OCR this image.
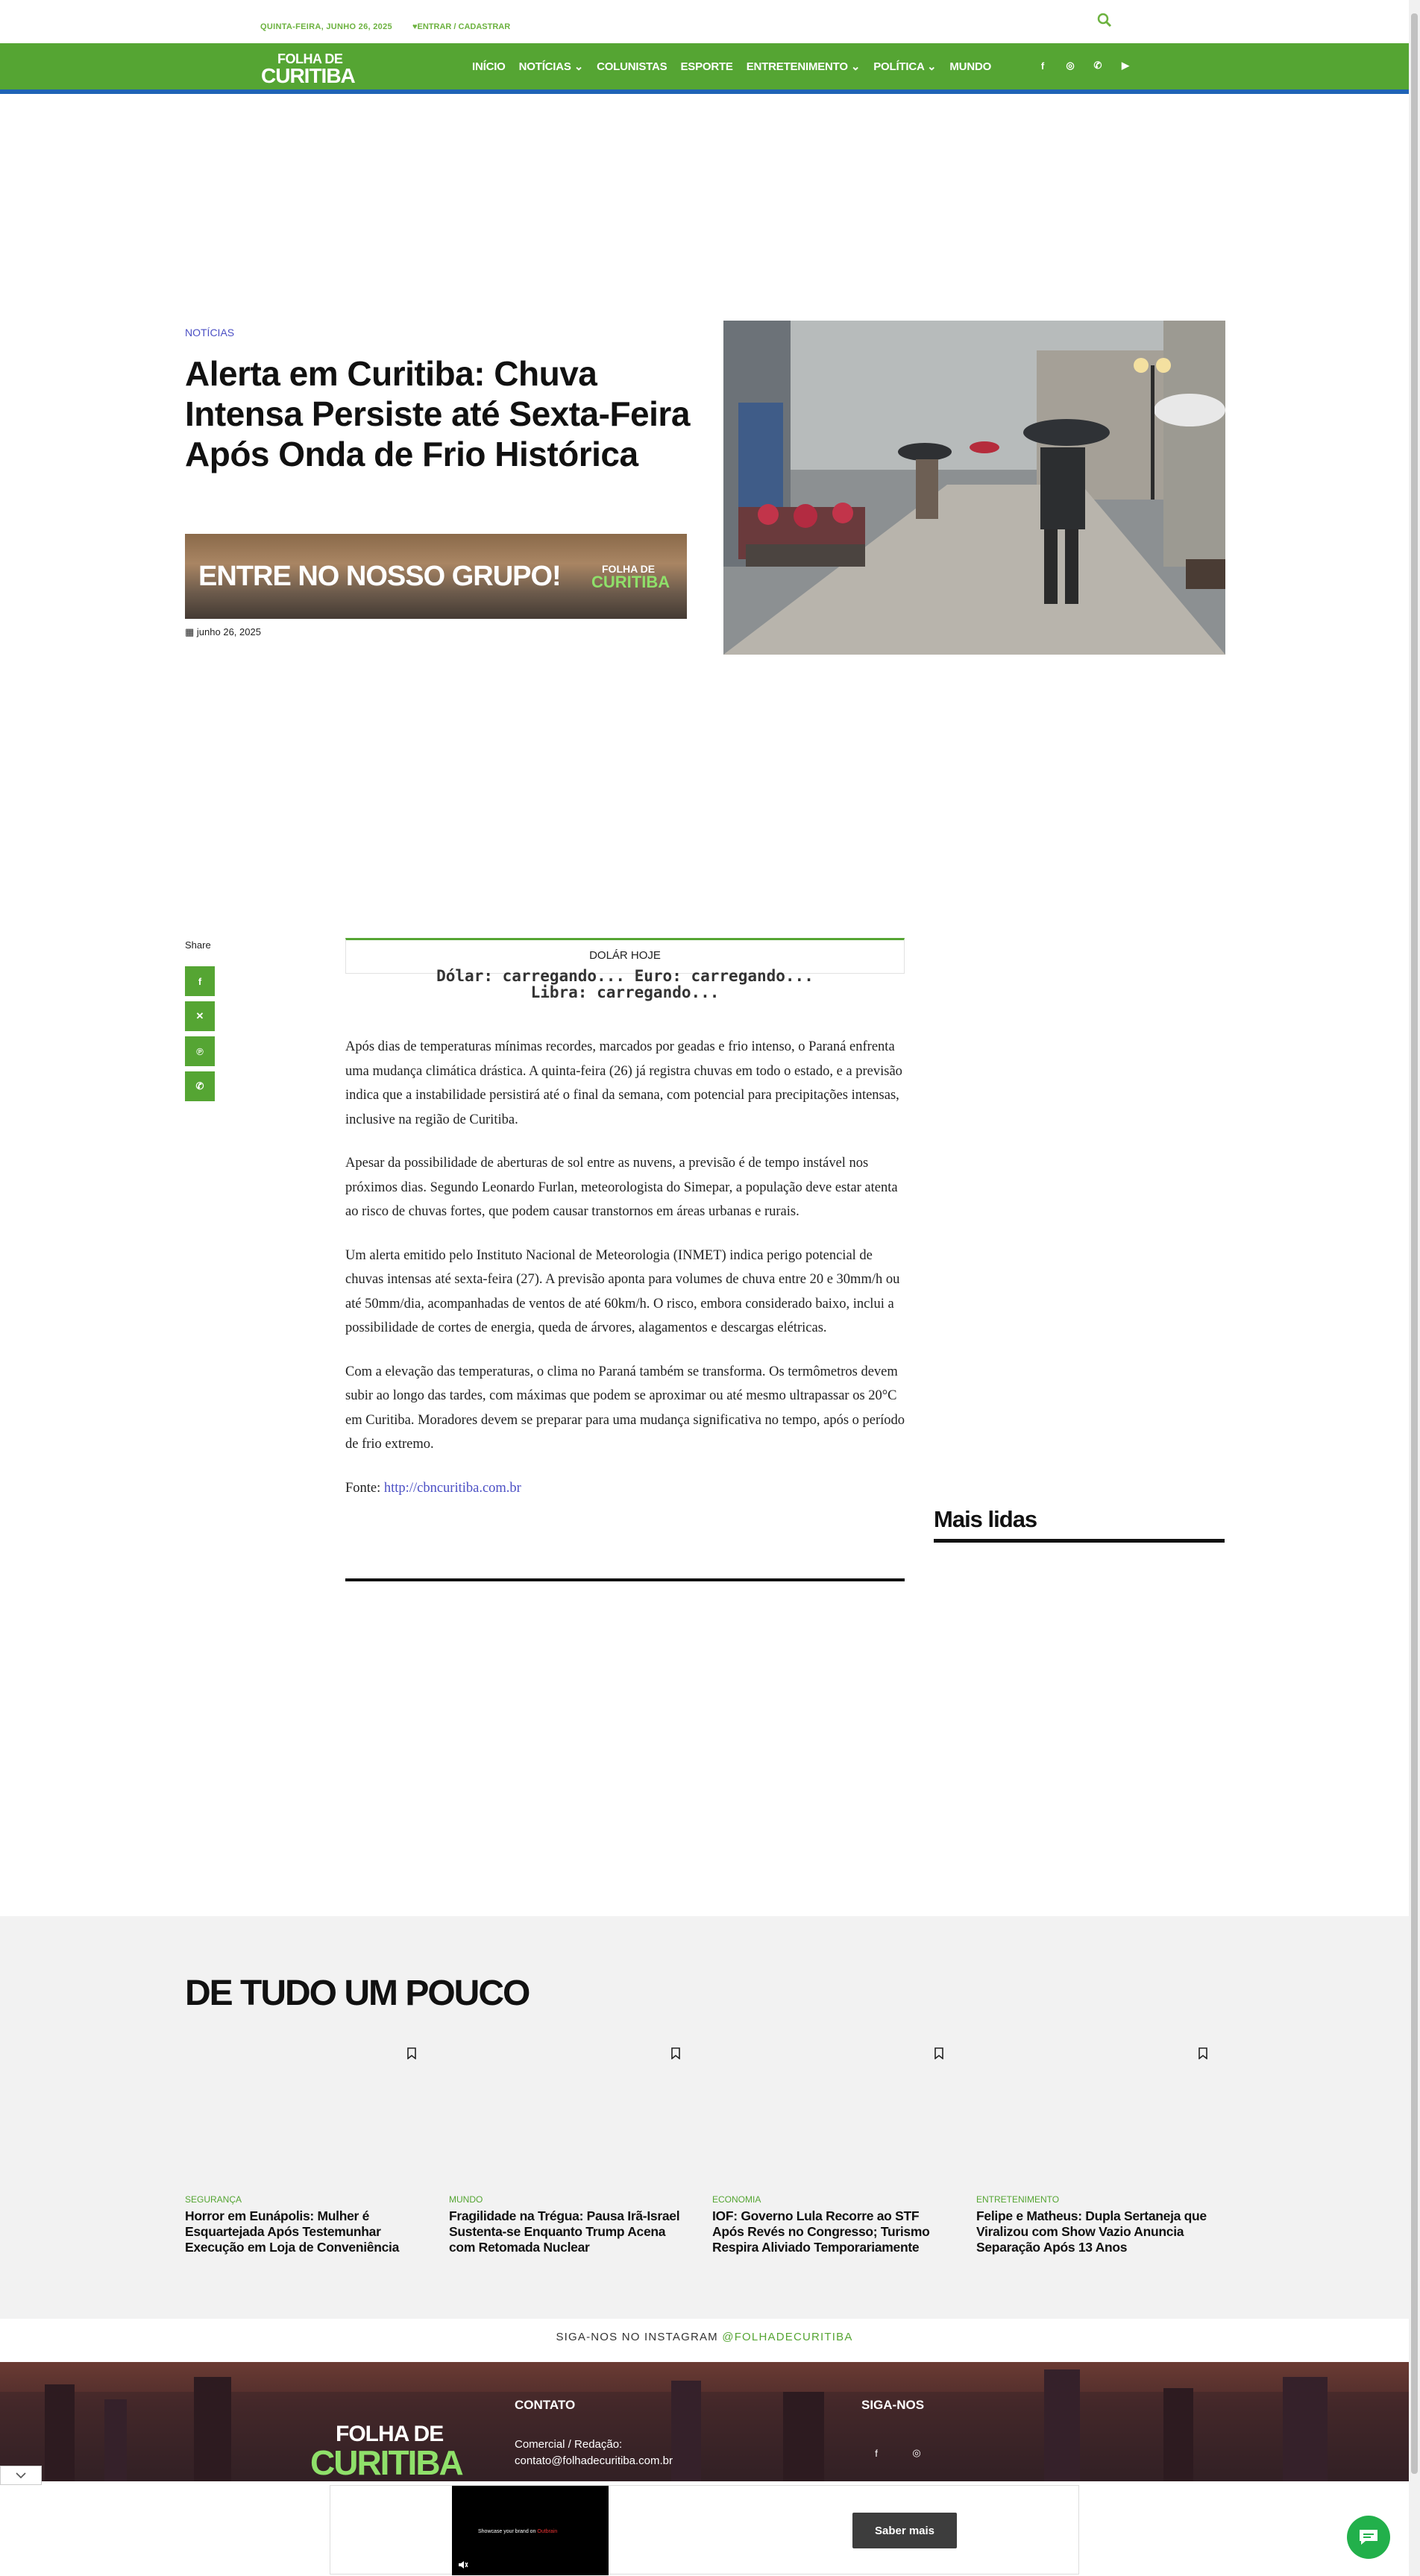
QUINTA-FEIRA, JUNHO 26, 2025 ♥ENTRAR / CADASTRAR
FOLHA DE
CURITIBA	INÍCIO NOTÍCIAS ⌄ COLUNISTAS ESPORTE ENTRETENIMENTO ⌄ POLÍTICA ⌄ MUNDO	f	◎	✆	▶
NOTÍCIAS
Alerta em Curitiba: Chuva Intensa Persiste até Sexta-Feira Após Onda de Frio Histórica
ENTRE NO NOSSO GRUPO!	FOLHA DE
CURITIBA
▦ junho 26, 2025
Share
f
✕
℗
✆
DOLÁR HOJE
Dólar: carregando... Euro: carregando...
Libra: carregando...

Após dias de temperaturas mínimas recordes, marcados por geadas e frio intenso, o Paraná enfrenta uma mudança climática drástica. A quinta-feira (26) já registra chuvas em todo o estado, e a previsão indica que a instabilidade persistirá até o final da semana, com potencial para precipitações intensas, inclusive na região de Curitiba.

Apesar da possibilidade de aberturas de sol entre as nuvens, a previsão é de tempo instável nos próximos dias. Segundo Leonardo Furlan, meteorologista do Simepar, a população deve estar atenta ao risco de chuvas fortes, que podem causar transtornos em áreas urbanas e rurais.

Um alerta emitido pelo Instituto Nacional de Meteorologia (INMET) indica perigo potencial de chuvas intensas até sexta-feira (27). A previsão aponta para volumes de chuva entre 20 e 30mm/h ou até 50mm/dia, acompanhadas de ventos de até 60km/h. O risco, embora considerado baixo, inclui a possibilidade de cortes de energia, queda de árvores, alagamentos e descargas elétricas.

Com a elevação das temperaturas, o clima no Paraná também se transforma. Os termômetros devem subir ao longo das tardes, com máximas que podem se aproximar ou até mesmo ultrapassar os 20°C em Curitiba. Moradores devem se preparar para uma mudança significativa no tempo, após o período de frio extremo.

Fonte: http://cbncuritiba.com.br

Mais lidas
DE TUDO UM POUCO
SEGURANÇA
Horror em Eunápolis: Mulher é Esquartejada Após Testemunhar Execução em Loja de Conveniência
MUNDO
Fragilidade na Trégua: Pausa Irã-Israel Sustenta-se Enquanto Trump Acena com Retomada Nuclear
ECONOMIA
IOF: Governo Lula Recorre ao STF Após Revés no Congresso; Turismo Respira Aliviado Temporariamente
ENTRETENIMENTO
Felipe e Matheus: Dupla Sertaneja que Viralizou com Show Vazio Anuncia Separação Após 13 Anos
SIGA-NOS NO INSTAGRAM @FOLHADECURITIBA
FOLHA DE
CURITIBA
CONTATO
Comercial / Redação:
contato@folhadecuritiba.com.br
SIGA-NOS
f	◎
Showcase your brand on Outbrain	Saber mais
